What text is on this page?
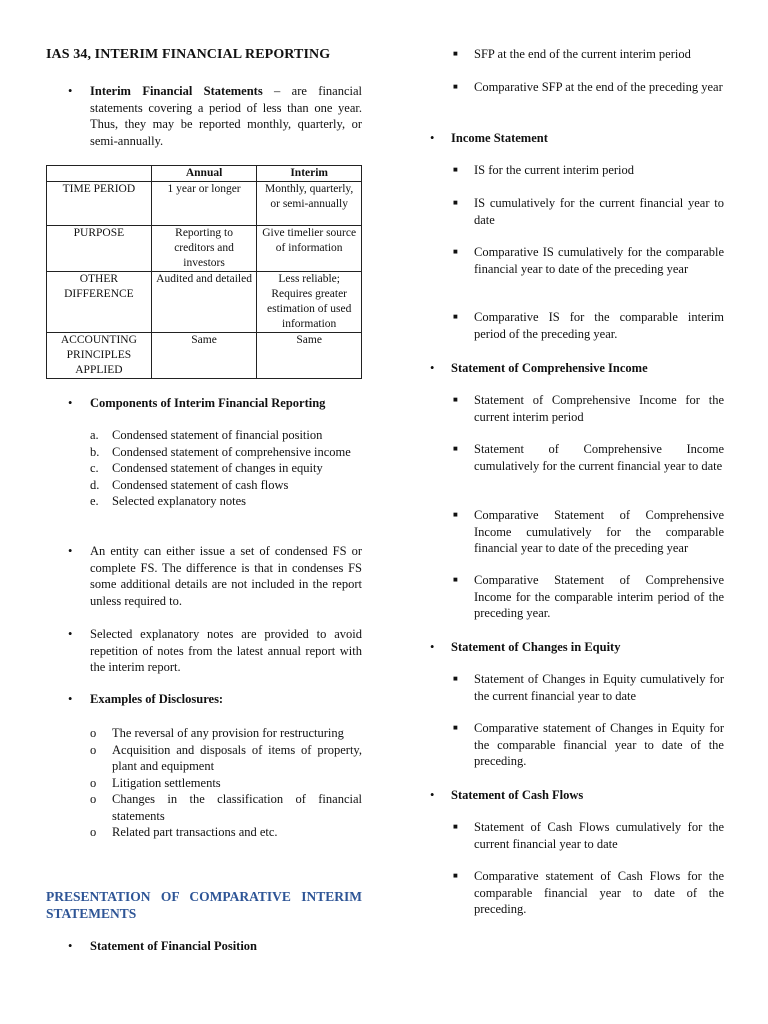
IAS 34, INTERIM FINANCIAL REPORTING
• Interim Financial Statements – are financial statements covering a period of less than one year. Thus, they may be reported monthly, quarterly, or semi-annually.
	Annual	Interim
TIME PERIOD	1 year or longer	Monthly, quarterly, or semi-annually
PURPOSE	Reporting to creditors and investors	Give timelier source of information
OTHER DIFFERENCE	Audited and detailed	Less reliable; Requires greater estimation of used information
ACCOUNTING PRINCIPLES APPLIED	Same	Same
• Components of Interim Financial Reporting
a. Condensed statement of financial position
b. Condensed statement of comprehensive income
c. Condensed statement of changes in equity
d. Condensed statement of cash flows
e. Selected explanatory notes
• An entity can either issue a set of condensed FS or complete FS. The difference is that in condenses FS some additional details are not included in the report unless required to.
• Selected explanatory notes are provided to avoid repetition of notes from the latest annual report with the interim report.
• Examples of Disclosures:
o The reversal of any provision for restructuring
o Acquisition and disposals of items of property, plant and equipment
o Litigation settlements
o Changes in the classification of financial statements
o Related part transactions and etc.
PRESENTATION OF COMPARATIVE INTERIM STATEMENTS
• Statement of Financial Position
■ SFP at the end of the current interim period
■ Comparative SFP at the end of the preceding year
• Income Statement
■ IS for the current interim period
■ IS cumulatively for the current financial year to date
■ Comparative IS cumulatively for the comparable financial year to date of the preceding year
■ Comparative IS for the comparable interim period of the preceding year.
• Statement of Comprehensive Income
■ Statement of Comprehensive Income for the current interim period
■ Statement of Comprehensive Income cumulatively for the current financial year to date
■ Comparative Statement of Comprehensive Income cumulatively for the comparable financial year to date of the preceding year
■ Comparative Statement of Comprehensive Income for the comparable interim period of the preceding year.
• Statement of Changes in Equity
■ Statement of Changes in Equity cumulatively for the current financial year to date
■ Comparative statement of Changes in Equity for the comparable financial year to date of the preceding.
• Statement of Cash Flows
■ Statement of Cash Flows cumulatively for the current financial year to date
■ Comparative statement of Cash Flows for the comparable financial year to date of the preceding.
